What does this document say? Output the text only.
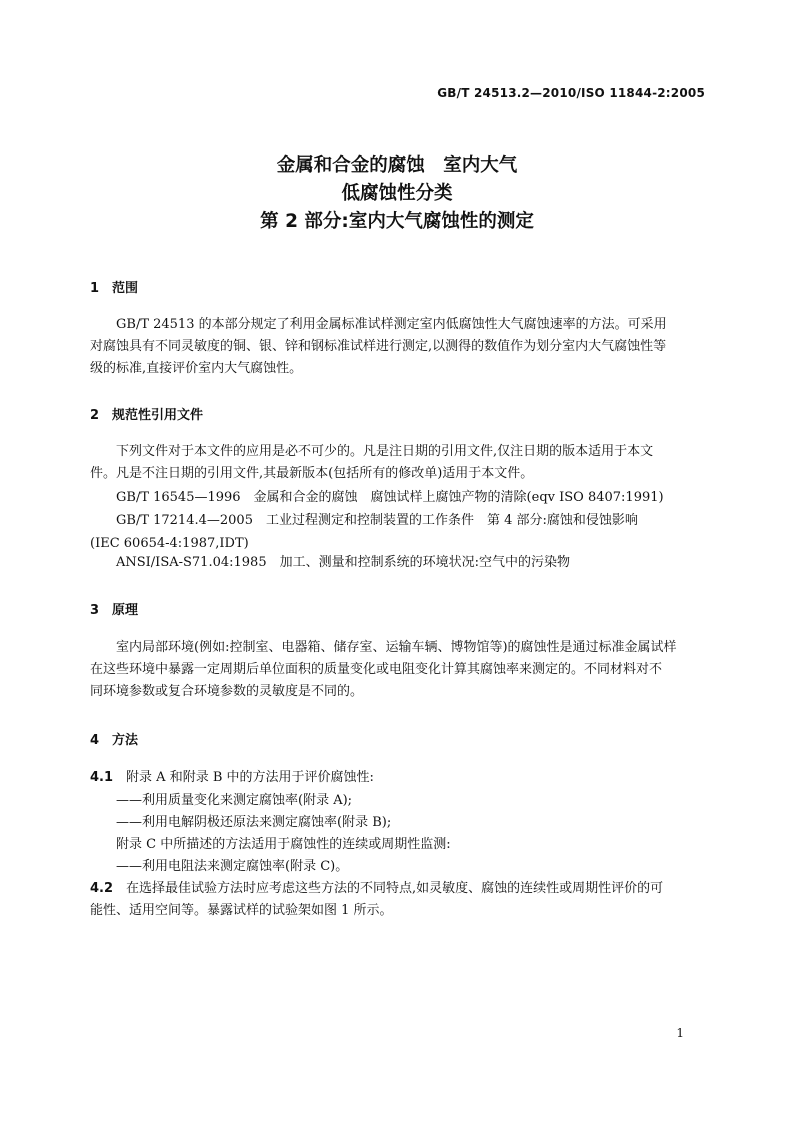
GB/T 24513.2—2010/ISO 11844-2:2005
金属和合金的腐蚀　室内大气
低腐蚀性分类
第 2 部分:室内大气腐蚀性的测定
1　范围
GB/T 24513 的本部分规定了利用金属标准试样测定室内低腐蚀性大气腐蚀速率的方法。可采用
对腐蚀具有不同灵敏度的铜、银、锌和钢标准试样进行测定,以测得的数值作为划分室内大气腐蚀性等
级的标准,直接评价室内大气腐蚀性。
2　规范性引用文件
下列文件对于本文件的应用是必不可少的。凡是注日期的引用文件,仅注日期的版本适用于本文
件。凡是不注日期的引用文件,其最新版本(包括所有的修改单)适用于本文件。
GB/T 16545—1996　金属和合金的腐蚀　腐蚀试样上腐蚀产物的清除(eqv ISO 8407:1991)
GB/T 17214.4—2005　工业过程测定和控制装置的工作条件　第 4 部分:腐蚀和侵蚀影响
(IEC 60654-4:1987,IDT)
ANSI/ISA-S71.04:1985　加工、测量和控制系统的环境状况:空气中的污染物
3　原理
室内局部环境(例如:控制室、电器箱、储存室、运输车辆、博物馆等)的腐蚀性是通过标准金属试样
在这些环境中暴露一定周期后单位面积的质量变化或电阻变化计算其腐蚀率来测定的。不同材料对不
同环境参数或复合环境参数的灵敏度是不同的。
4　方法
4.1　 附录 A 和附录 B 中的方法用于评价腐蚀性:
——利用质量变化来测定腐蚀率(附录 A);
——利用电解阴极还原法来测定腐蚀率(附录 B);
附录 C 中所描述的方法适用于腐蚀性的连续或周期性监测:
——利用电阻法来测定腐蚀率(附录 C)。
4.2　 在选择最佳试验方法时应考虑这些方法的不同特点,如灵敏度、腐蚀的连续性或周期性评价的可
能性、适用空间等。暴露试样的试验架如图 1 所示。
1
